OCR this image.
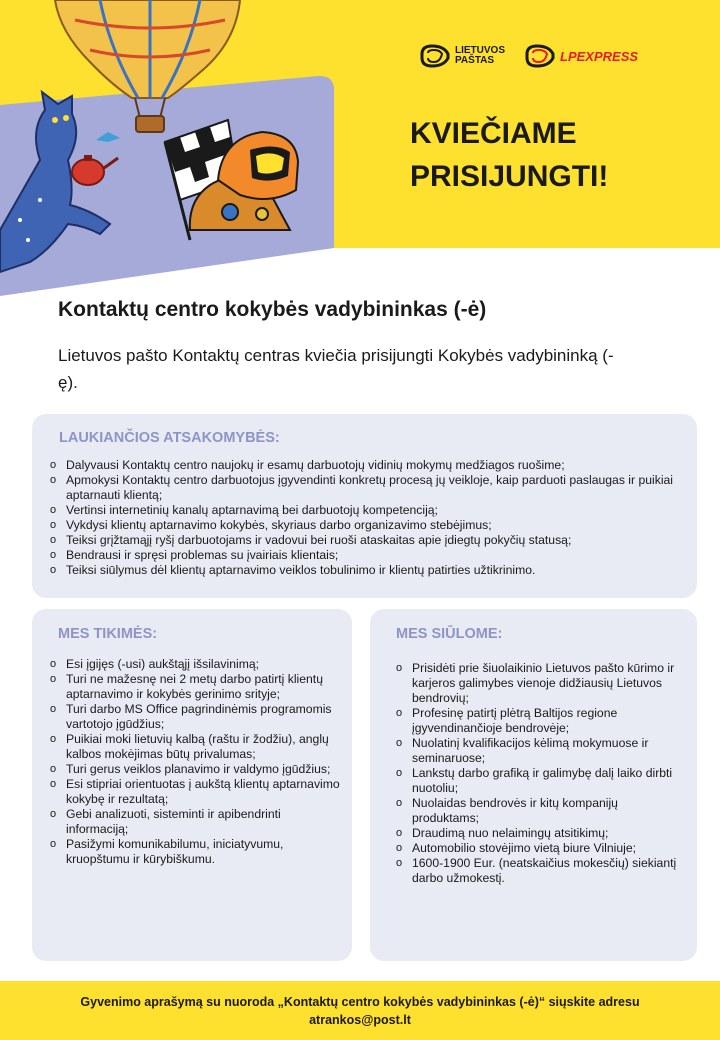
LIETUVOS
PAŠTAS	LPEXPRESS
KVIEČIAME
PRISIJUNGTI!
Kontaktų centro kokybės vadybininkas (-ė)
Lietuvos pašto Kontaktų centras kviečia prisijungti Kokybės vadybininką (-ę).
LAUKIANČIOS ATSAKOMYBĖS:
o Dalyvausi Kontaktų centro naujokų ir esamų darbuotojų vidinių mokymų medžiagos ruošime;
o Apmokysi Kontaktų centro darbuotojus įgyvendinti konkretų procesą jų veikloje, kaip parduoti paslaugas ir puikiai aptarnauti klientą;
o Vertinsi internetinių kanalų aptarnavimą bei darbuotojų kompetenciją;
o Vykdysi klientų aptarnavimo kokybės, skyriaus darbo organizavimo stebėjimus;
o Teiksi grįžtamąjį ryšį darbuotojams ir vadovui bei ruoši ataskaitas apie įdiegtų pokyčių statusą;
o Bendrausi ir spręsi problemas su įvairiais klientais;
o Teiksi siūlymus dėl klientų aptarnavimo veiklos tobulinimo ir klientų patirties užtikrinimo.
MES TIKIMĖS:
o Esi įgijęs (-usi) aukštąjį išsilavinimą;
o Turi ne mažesnę nei 2 metų darbo patirtį klientų aptarnavimo ir kokybės gerinimo srityje;
o Turi darbo MS Office pagrindinėmis programomis vartotojo įgūdžius;
o Puikiai moki lietuvių kalbą (raštu ir žodžiu), anglų kalbos mokėjimas būtų privalumas;
o Turi gerus veiklos planavimo ir valdymo įgūdžius;
o Esi stipriai orientuotas į aukštą klientų aptarnavimo kokybę ir rezultatą;
o Gebi analizuoti, sisteminti ir apibendrinti informaciją;
o Pasižymi komunikabilumu, iniciatyvumu, kruopštumu ir kūrybiškumu.
MES SIŪLOME:
o Prisidėti prie šiuolaikinio Lietuvos pašto kūrimo ir karjeros galimybes vienoje didžiausių Lietuvos bendrovių;
o Profesinę patirtį plėtrą Baltijos regione įgyvendinančioje bendrovėje;
o Nuolatinį kvalifikacijos kėlimą mokymuose ir seminaruose;
o Lankstų darbo grafiką ir galimybę dalį laiko dirbti nuotoliu;
o Nuolaidas bendrovės ir kitų kompanijų produktams;
o Draudimą nuo nelaimingų atsitikimų;
o Automobilio stovėjimo vietą biure Vilniuje;
o 1600-1900 Eur. (neatskaičius mokesčių) siekiantį darbo užmokestį.
Gyvenimo aprašymą su nuoroda „Kontaktų centro kokybės vadybininkas (-ė)“ siųskite adresu
atrankos@post.lt
